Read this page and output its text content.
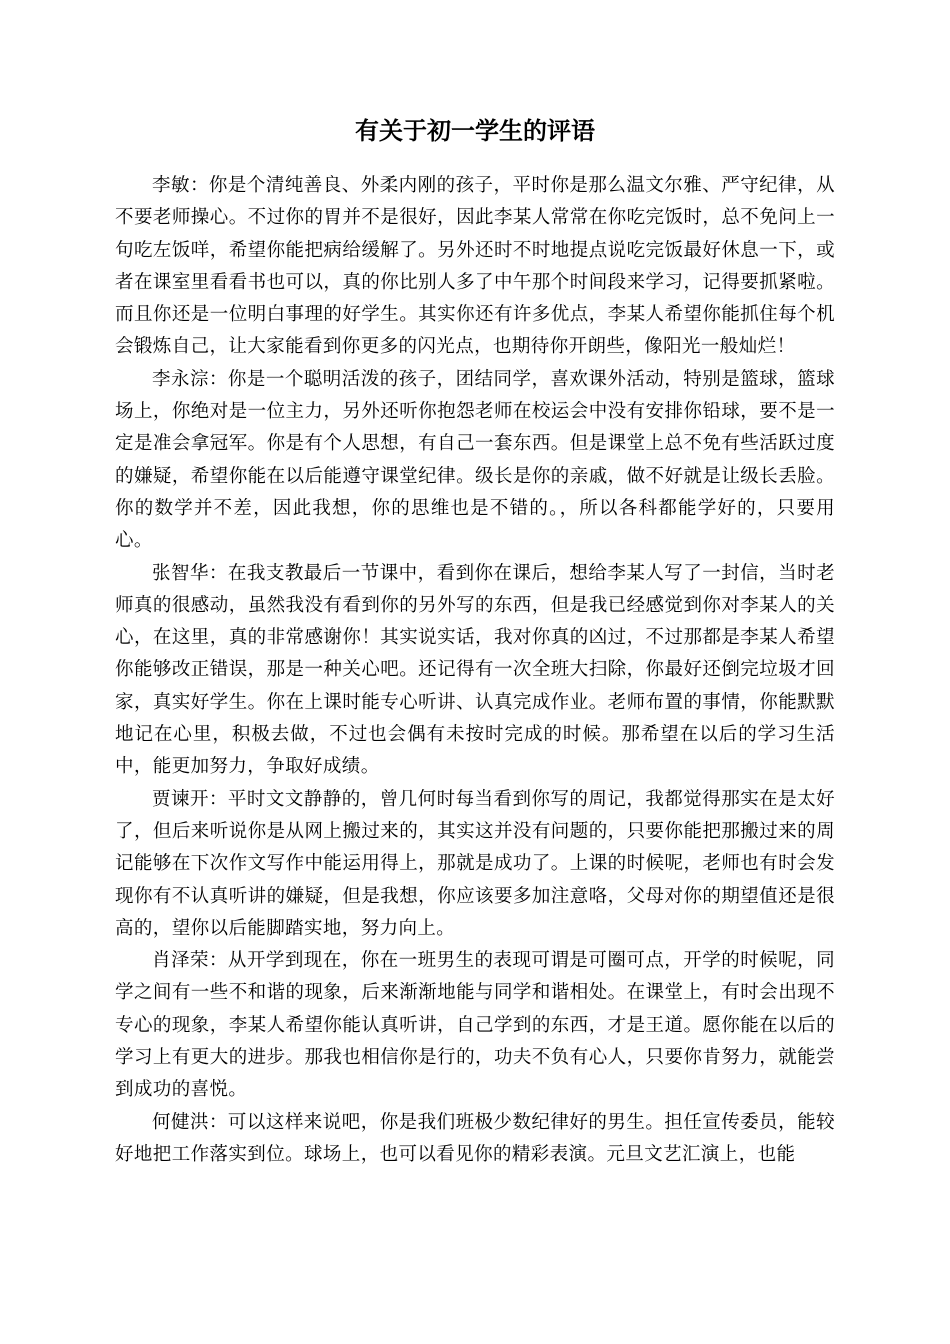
有关于初一学生的评语

李敏：你是个清纯善良、外柔内刚的孩子，平时你是那么温文尔雅、严守纪律，从不要老师操心。不过你的胃并不是很好，因此李某人常常在你吃完饭时，总不免问上一句吃左饭咩，希望你能把病给缓解了。另外还时不时地提点说吃完饭最好休息一下，或者在课室里看看书也可以，真的你比别人多了中午那个时间段来学习，记得要抓紧啦。而且你还是一位明白事理的好学生。其实你还有许多优点，李某人希望你能抓住每个机会锻炼自己，让大家能看到你更多的闪光点，也期待你开朗些，像阳光一般灿烂！

李永淙：你是一个聪明活泼的孩子，团结同学，喜欢课外活动，特别是篮球，篮球场上，你绝对是一位主力，另外还听你抱怨老师在校运会中没有安排你铅球，要不是一定是准会拿冠军。你是有个人思想，有自己一套东西。但是课堂上总不免有些活跃过度的嫌疑，希望你能在以后能遵守课堂纪律。级长是你的亲戚，做不好就是让级长丢脸。你的数学并不差，因此我想，你的思维也是不错的。，所以各科都能学好的，只要用心。

张智华：在我支教最后一节课中，看到你在课后，想给李某人写了一封信，当时老师真的很感动，虽然我没有看到你的另外写的东西，但是我已经感觉到你对李某人的关心，在这里，真的非常感谢你！其实说实话，我对你真的凶过，不过那都是李某人希望你能够改正错误，那是一种关心吧。还记得有一次全班大扫除，你最好还倒完垃圾才回家，真实好学生。你在上课时能专心听讲、认真完成作业。老师布置的事情，你能默默地记在心里，积极去做，不过也会偶有未按时完成的时候。那希望在以后的学习生活中，能更加努力，争取好成绩。

贾谏开：平时文文静静的，曾几何时每当看到你写的周记，我都觉得那实在是太好了，但后来听说你是从网上搬过来的，其实这并没有问题的，只要你能把那搬过来的周记能够在下次作文写作中能运用得上，那就是成功了。上课的时候呢，老师也有时会发现你有不认真听讲的嫌疑，但是我想，你应该要多加注意咯，父母对你的期望值还是很高的，望你以后能脚踏实地，努力向上。

肖泽荣：从开学到现在，你在一班男生的表现可谓是可圈可点，开学的时候呢，同学之间有一些不和谐的现象，后来渐渐地能与同学和谐相处。在课堂上，有时会出现不专心的现象，李某人希望你能认真听讲，自己学到的东西，才是王道。愿你能在以后的学习上有更大的进步。那我也相信你是行的，功夫不负有心人，只要你肯努力，就能尝到成功的喜悦。

何健洪：可以这样来说吧，你是我们班极少数纪律好的男生。担任宣传委员，能较好地把工作落实到位。球场上，也可以看见你的精彩表演。元旦文艺汇演上，也能
